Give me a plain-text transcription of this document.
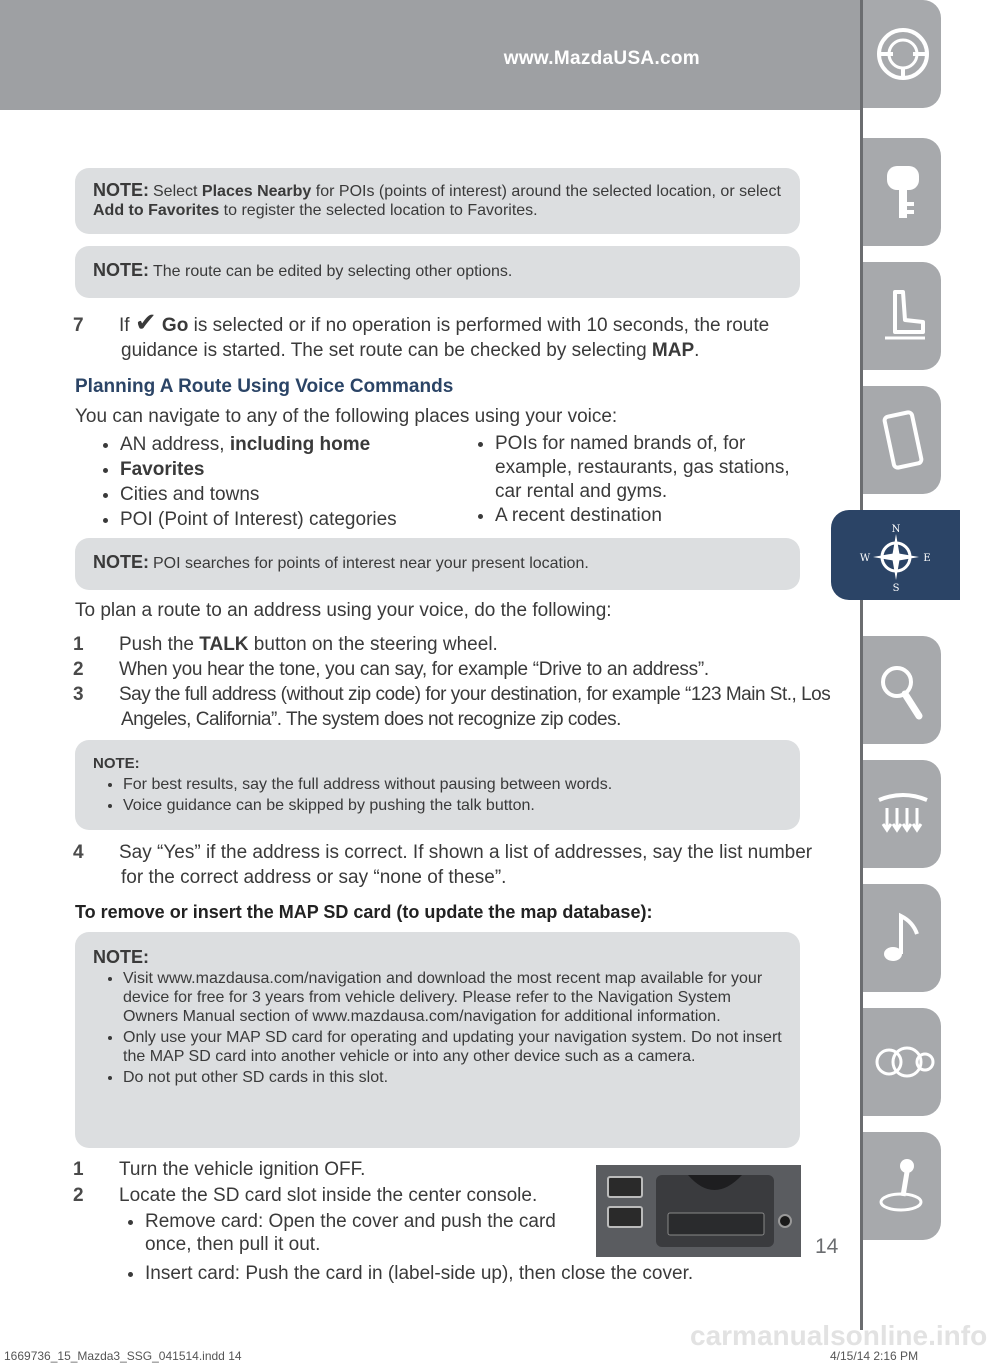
www.MazdaUSA.com
N
S
W	E
NOTE: Select Places Nearby for POIs (points of interest) around the selected location, or select Add to Favorites to register the selected location to Favorites.
NOTE: The route can be edited by selecting other options.
7 If ✔ Go is selected or if no operation is performed with 10 seconds, the route guidance is started. The set route can be checked by selecting MAP.
Planning A Route Using Voice Commands
You can navigate to any of the following places using your voice:
• AN address, including home
• Favorites
• Cities and towns
• POI (Point of Interest) categories
• POIs for named brands of, for example, restaurants, gas stations, car rental and gyms.
• A recent destination
NOTE: POI searches for points of interest near your present location.
To plan a route to an address using your voice, do the following:
1 Push the TALK button on the steering wheel.
2 When you hear the tone, you can say, for example “Drive to an address”.
3 Say the full address (without zip code) for your destination, for example “123 Main St., Los Angeles, California”. The system does not recognize zip codes.
NOTE:
• For best results, say the full address without pausing between words.
• Voice guidance can be skipped by pushing the talk button.
4 Say “Yes” if the address is correct. If shown a list of addresses, say the list number for the correct address or say “none of these”.
To remove or insert the MAP SD card (to update the map database):
NOTE:
• Visit www.mazdausa.com/navigation and download the most recent map available for your device for free for 3 years from vehicle delivery. Please refer to the Navigation System Owners Manual section of www.mazdausa.com/navigation for additional information.
• Only use your MAP SD card for operating and updating your navigation system. Do not insert the MAP SD card into another vehicle or into any other device such as a camera.
• Do not put other SD cards in this slot.
1 Turn the vehicle ignition OFF.
2 Locate the SD card slot inside the center console.
• Remove card: Open the cover and push the card once, then pull it out.
• Insert card: Push the card in (label-side up), then close the cover.
14
carmanualsonline.info
1669736_15_Mazda3_SSG_041514.indd 14	4/15/14 2:16 PM
